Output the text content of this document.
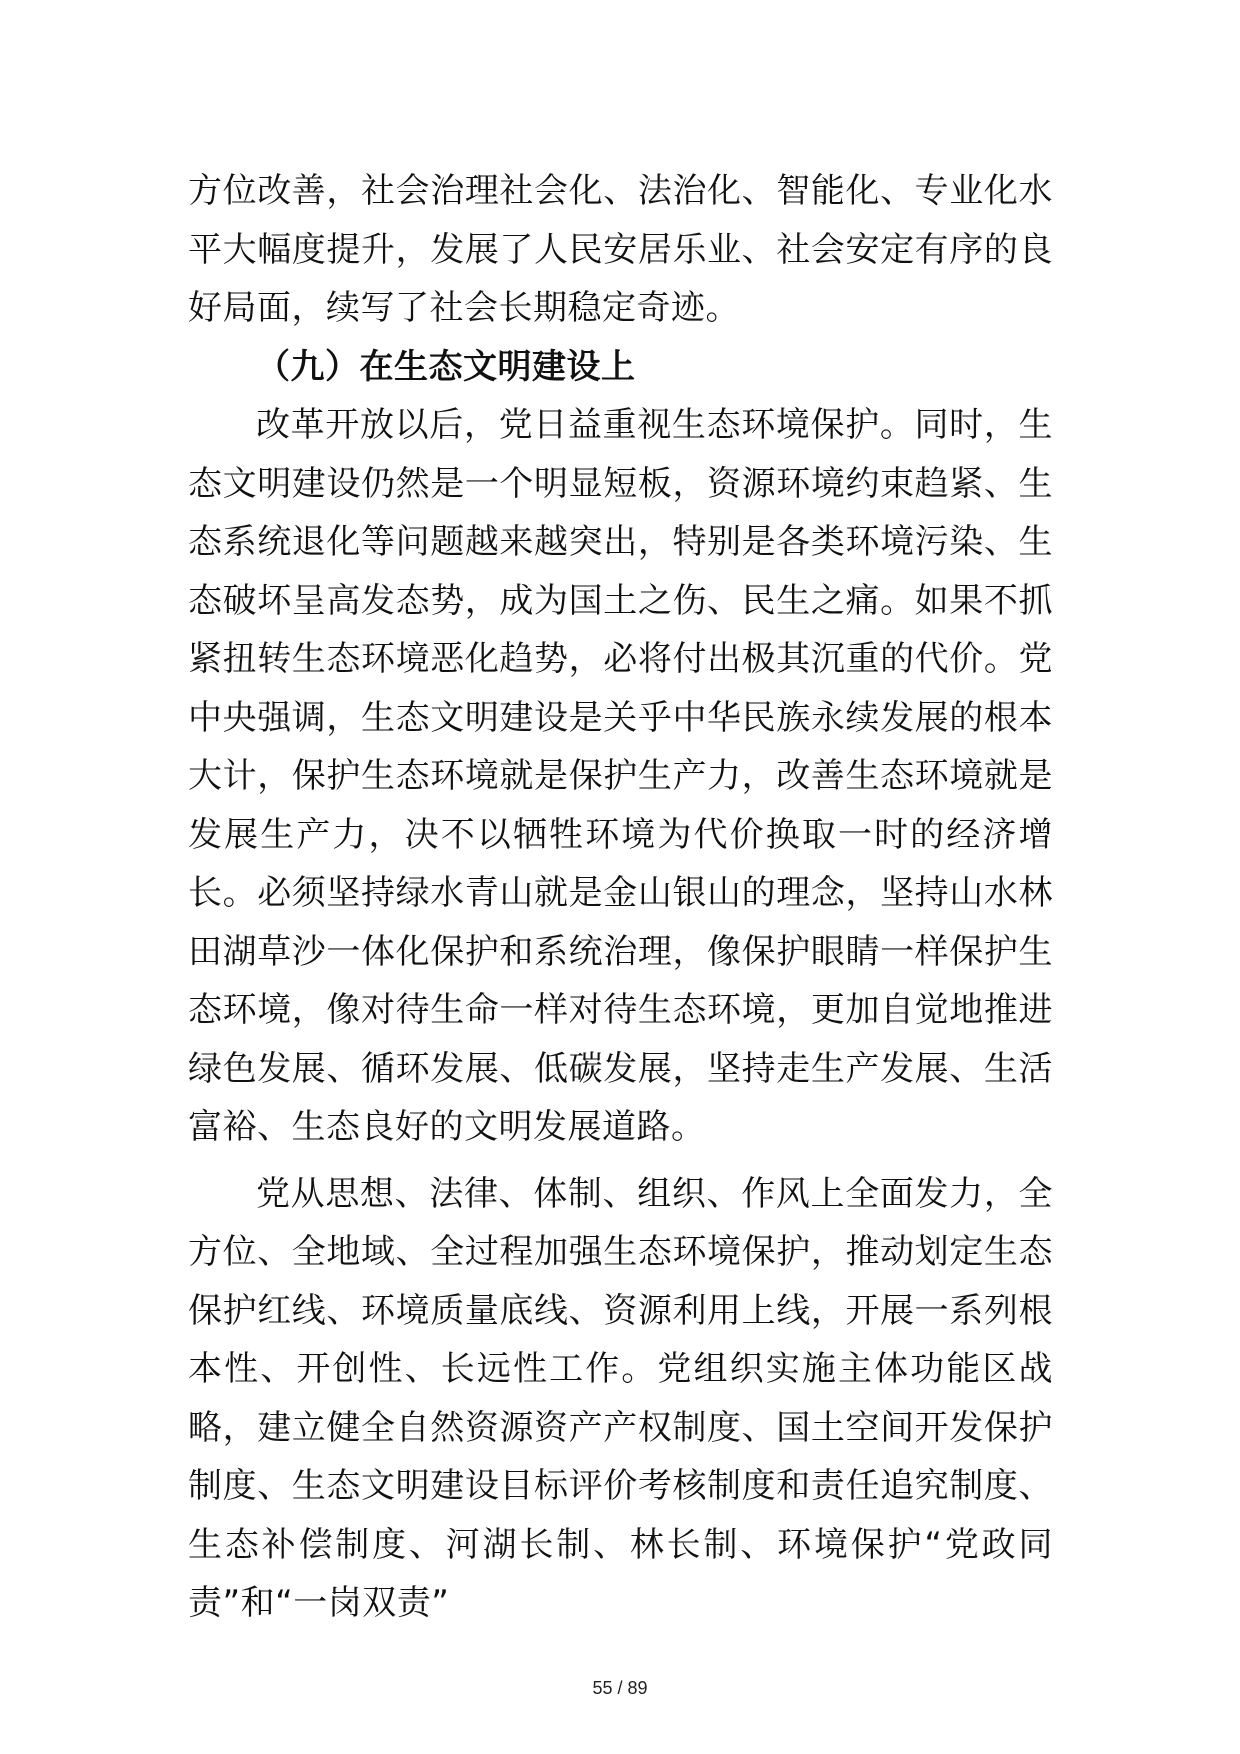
方位改善，社会治理社会化、法治化、智能化、专业化水平大幅度提升，发展了人民安居乐业、社会安定有序的良好局面，续写了社会长期稳定奇迹。

（九）在生态文明建设上

改革开放以后，党日益重视生态环境保护。同时，生态文明建设仍然是一个明显短板，资源环境约束趋紧、生态系统退化等问题越来越突出，特别是各类环境污染、生态破坏呈高发态势，成为国土之伤、民生之痛。如果不抓紧扭转生态环境恶化趋势，必将付出极其沉重的代价。党中央强调，生态文明建设是关乎中华民族永续发展的根本大计，保护生态环境就是保护生产力，改善生态环境就是发展生产力，决不以牺牲环境为代价换取一时的经济增长。必须坚持绿水青山就是金山银山的理念，坚持山水林田湖草沙一体化保护和系统治理，像保护眼睛一样保护生态环境，像对待生命一样对待生态环境，更加自觉地推进绿色发展、循环发展、低碳发展，坚持走生产发展、生活富裕、生态良好的文明发展道路。

党从思想、法律、体制、组织、作风上全面发力，全方位、全地域、全过程加强生态环境保护，推动划定生态保护红线、环境质量底线、资源利用上线，开展一系列根本性、开创性、长远性工作。党组织实施主体功能区战略，建立健全自然资源资产产权制度、国土空间开发保护制度、生态文明建设目标评价考核制度和责任追究制度、生态补偿制度、河湖长制、林长制、环境保护“党政同责”和“一岗双责”

55 / 89
